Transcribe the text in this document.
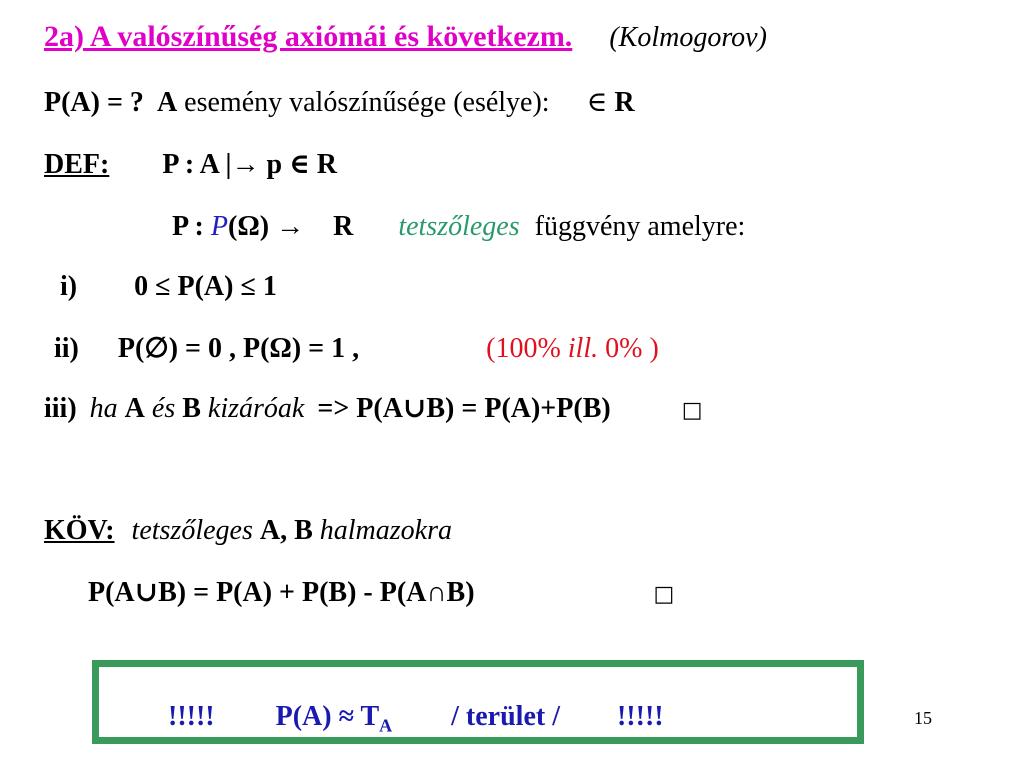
2a) A valószínűség axiómái és következm. (Kolmogorov)
P(A) = ? A esemény valószínűsége (esélye): ∈ R
DEF: P : A |→ p ∈ R
P : P(Ω) → R tetszőleges függvény amelyre:
i) 0 ≤ P(A) ≤ 1
ii) P(∅) = 0 , P(Ω) = 1 ,	(100% ill. 0% )
iii) ha A és B kizáróak => P(A∪B) = P(A)+P(B)	□
KÖV: tetszőleges A, B halmazokra
P(A∪B) = P(A) + P(B) - P(A∩B)	□
!!!!! $P(A) \approx T_A$ / terület / !!!!!	15
